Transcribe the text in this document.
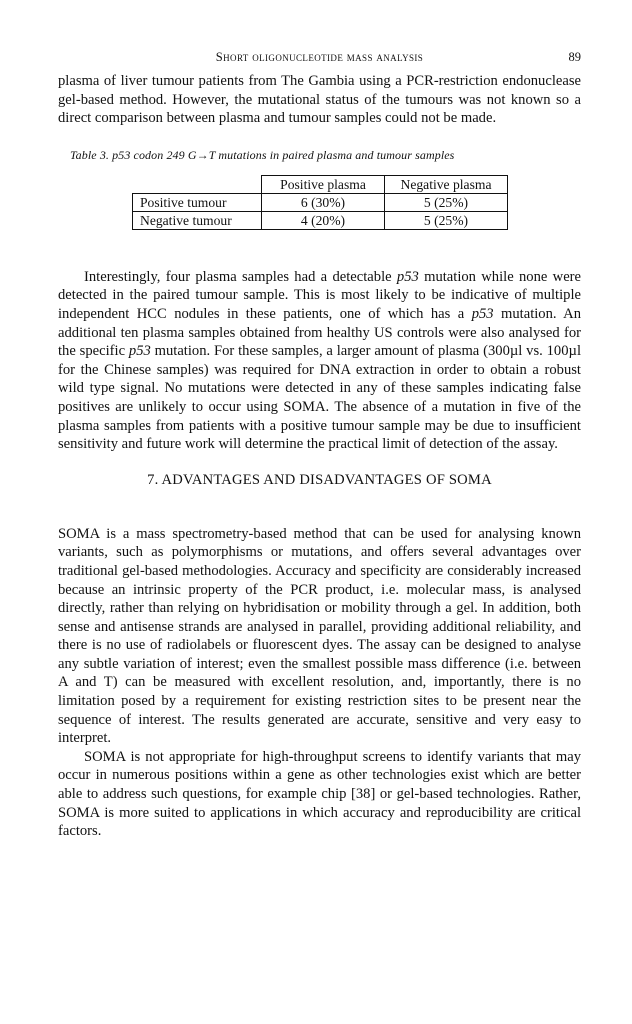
Short oligonucleotide mass analysis	89

plasma of liver tumour patients from The Gambia using a PCR-restriction endonuclease gel-based method. However, the mutational status of the tumours was not known so a direct comparison between plasma and tumour samples could not be made.

Table 3. p53 codon 249 G→T mutations in paired plasma and tumour samples
	Positive plasma	Negative plasma
Positive tumour	6 (30%)	5 (25%)
Negative tumour	4 (20%)	5 (25%)

Interestingly, four plasma samples had a detectable p53 mutation while none were detected in the paired tumour sample. This is most likely to be indicative of multiple independent HCC nodules in these patients, one of which has a p53 mutation. An additional ten plasma samples obtained from healthy US controls were also analysed for the specific p53 mutation. For these samples, a larger amount of plasma (300µl vs. 100µl for the Chinese samples) was required for DNA extraction in order to obtain a robust wild type signal. No mutations were detected in any of these samples indicating false positives are unlikely to occur using SOMA. The absence of a mutation in five of the plasma samples from patients with a positive tumour sample may be due to insufficient sensitivity and future work will determine the practical limit of detection of the assay.

7. ADVANTAGES AND DISADVANTAGES OF SOMA

SOMA is a mass spectrometry-based method that can be used for analysing known variants, such as polymorphisms or mutations, and offers several advantages over traditional gel-based methodologies. Accuracy and specificity are considerably increased because an intrinsic property of the PCR product, i.e. molecular mass, is analysed directly, rather than relying on hybridisation or mobility through a gel. In addition, both sense and antisense strands are analysed in parallel, providing additional reliability, and there is no use of radiolabels or fluorescent dyes. The assay can be designed to analyse any subtle variation of interest; even the smallest possible mass difference (i.e. between A and T) can be measured with excellent resolution, and, importantly, there is no limitation posed by a requirement for existing restriction sites to be present near the sequence of interest. The results generated are accurate, sensitive and very easy to interpret.

SOMA is not appropriate for high-throughput screens to identify variants that may occur in numerous positions within a gene as other technologies exist which are better able to address such questions, for example chip [38] or gel-based technologies. Rather, SOMA is more suited to applications in which accuracy and reproducibility are critical factors.
